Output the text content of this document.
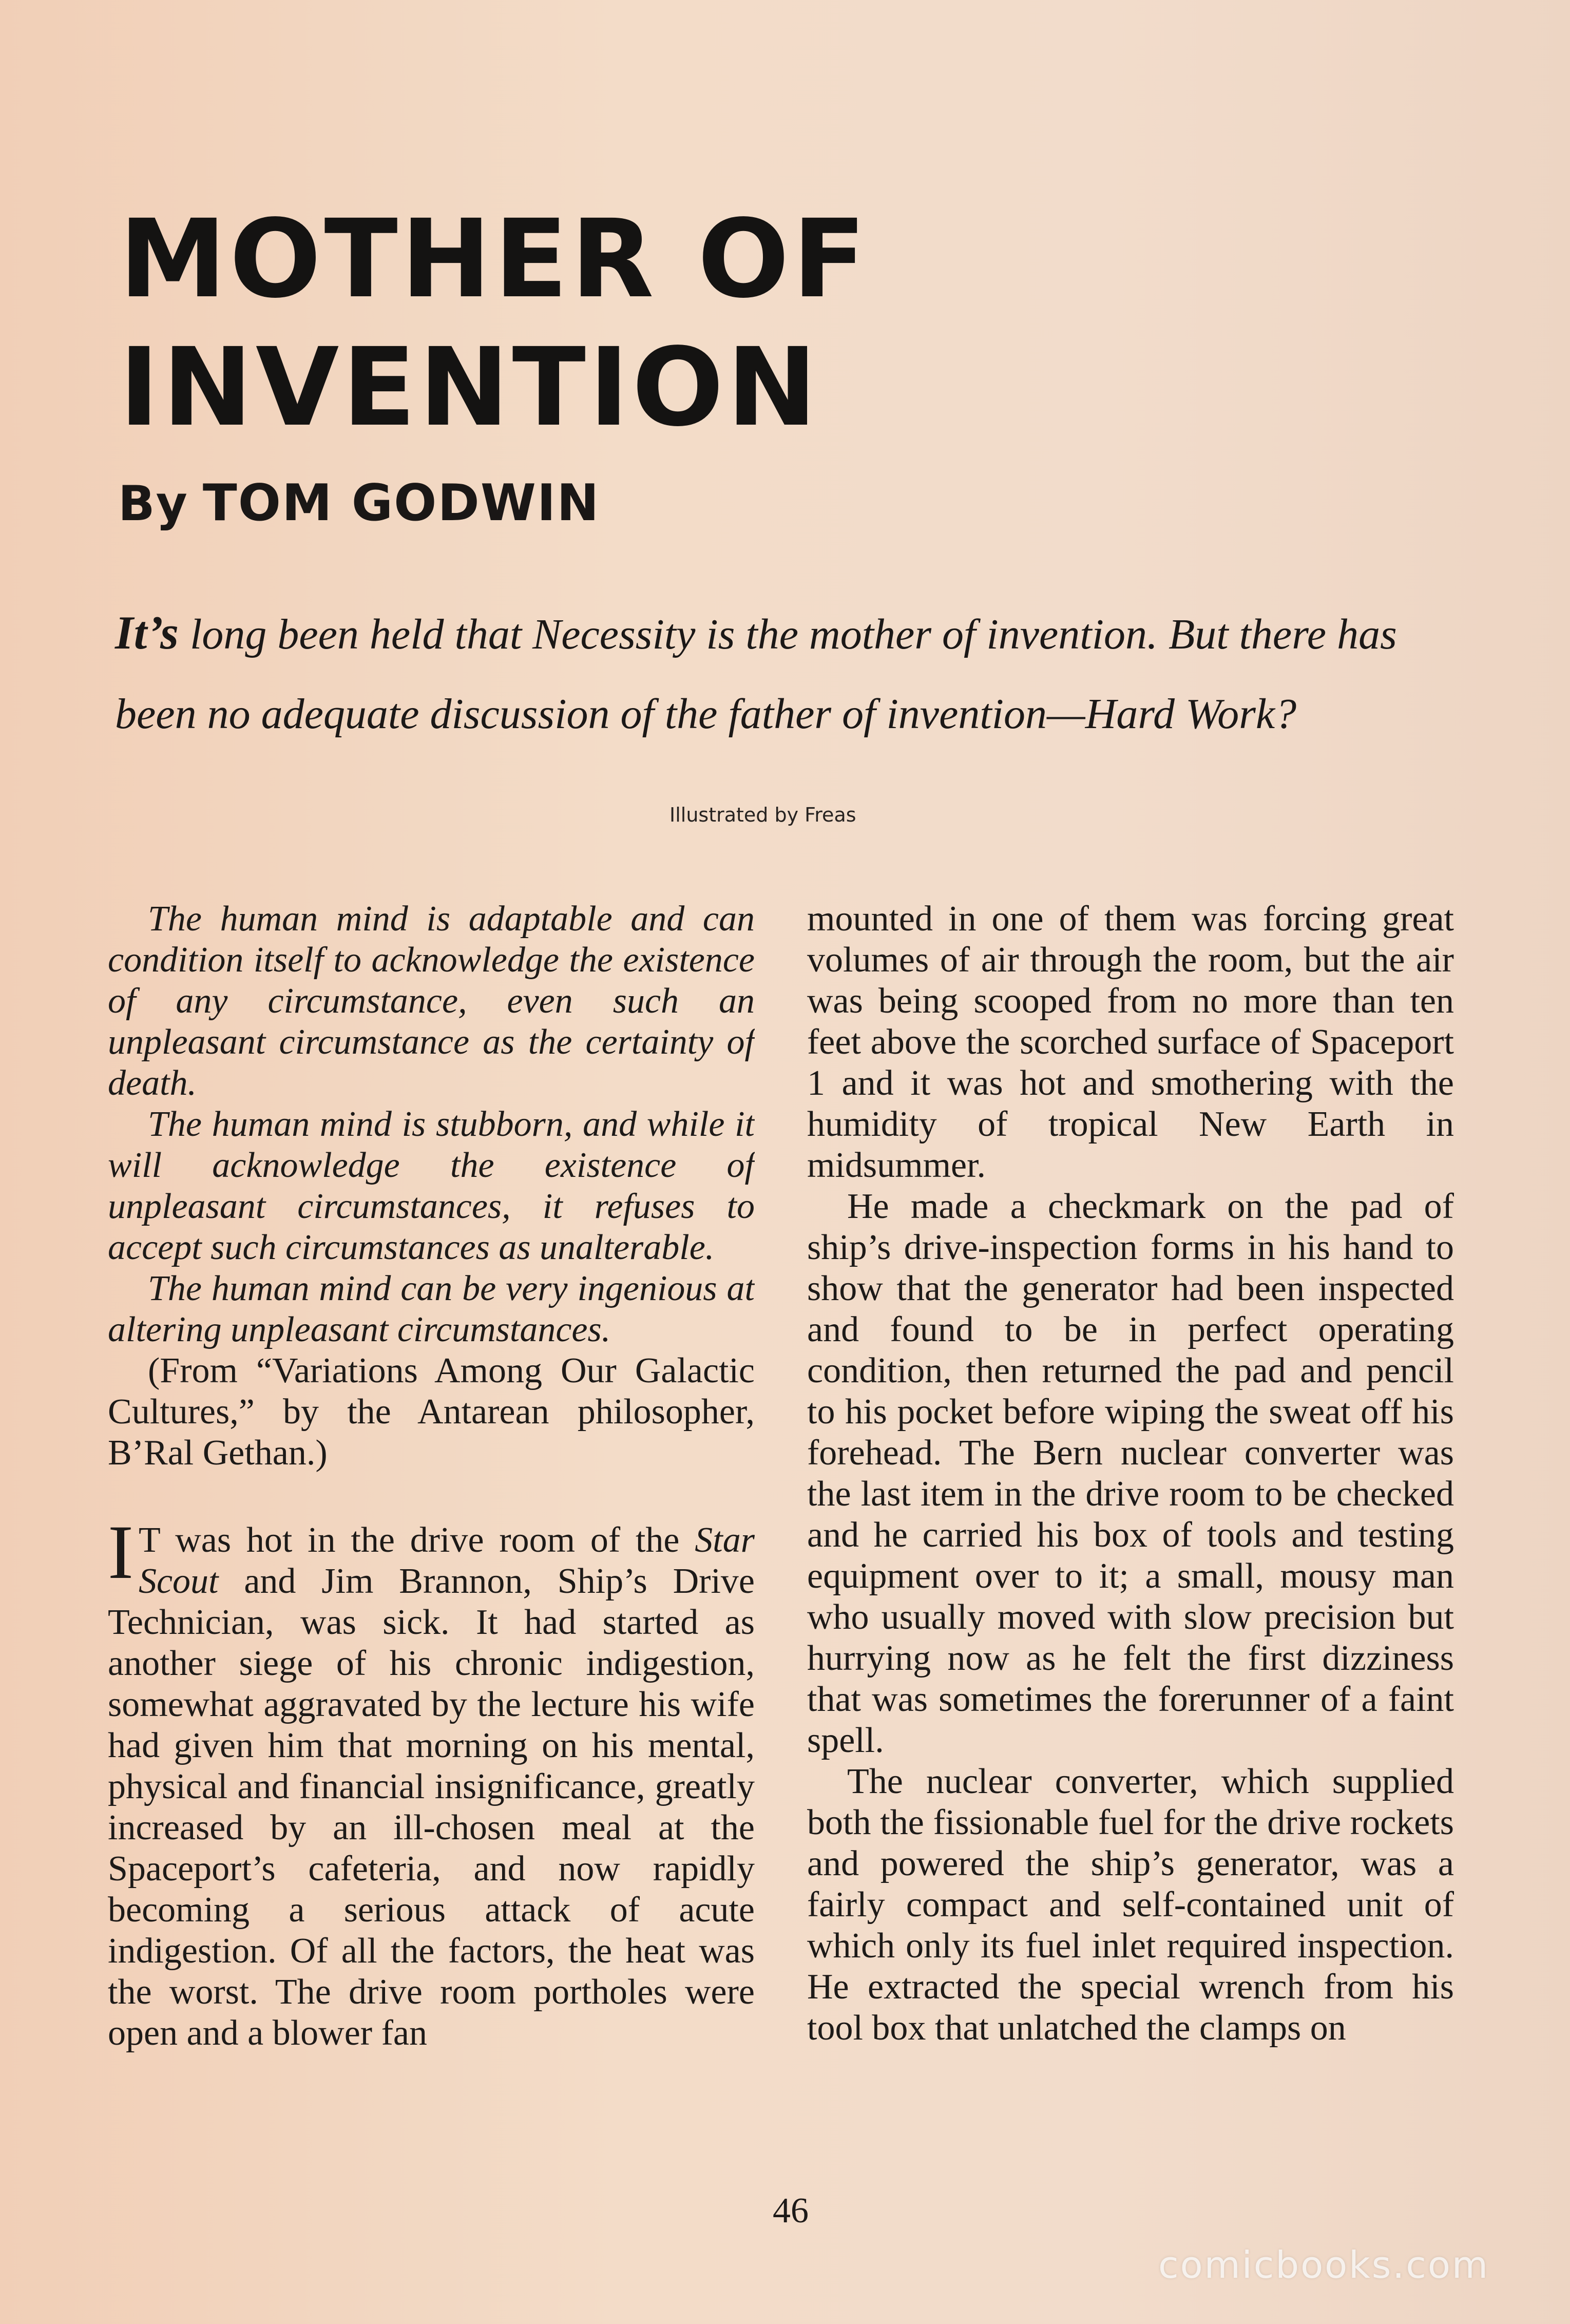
MOTHER OF
INVENTION
By TOM GODWIN

It’s long been held that Necessity is the mother of invention. But there has been no adequate discussion of the father of invention—Hard Work?

Illustrated by Freas

The human mind is adaptable and can condition itself to acknowledge the existence of any circumstance, even such an unpleasant circumstance as the certainty of death.

The human mind is stubborn, and while it will acknowledge the existence of unpleasant circumstances, it refuses to accept such circumstances as unalterable.

The human mind can be very ingenious at altering unpleasant circumstances.

(From “Variations Among Our Galactic Cultures,” by the Antarean philosopher, B’Ral Gethan.)

I T was hot in the drive room of the Star Scout and Jim Brannon, Ship’s Drive Technician, was sick. It had started as another siege of his chronic indigestion, somewhat aggravated by the lecture his wife had given him that morning on his mental, physical and financial insignificance, greatly increased by an ill-chosen meal at the Spaceport’s cafeteria, and now rapidly becoming a serious attack of acute indigestion. Of all the factors, the heat was the worst. The drive room portholes were open and a blower fan

mounted in one of them was forcing great volumes of air through the room, but the air was being scooped from no more than ten feet above the scorched surface of Spaceport 1 and it was hot and smothering with the humidity of tropical New Earth in midsummer.

He made a checkmark on the pad of ship’s drive-inspection forms in his hand to show that the generator had been inspected and found to be in perfect operating condition, then returned the pad and pencil to his pocket before wiping the sweat off his forehead. The Bern nuclear converter was the last item in the drive room to be checked and he carried his box of tools and testing equipment over to it; a small, mousy man who usually moved with slow precision but hurrying now as he felt the first dizziness that was sometimes the forerunner of a faint spell.

The nuclear converter, which supplied both the fissionable fuel for the drive rockets and powered the ship’s generator, was a fairly compact and self-contained unit of which only its fuel inlet required inspection. He extracted the special wrench from his tool box that unlatched the clamps on

46
comicbooks.com
